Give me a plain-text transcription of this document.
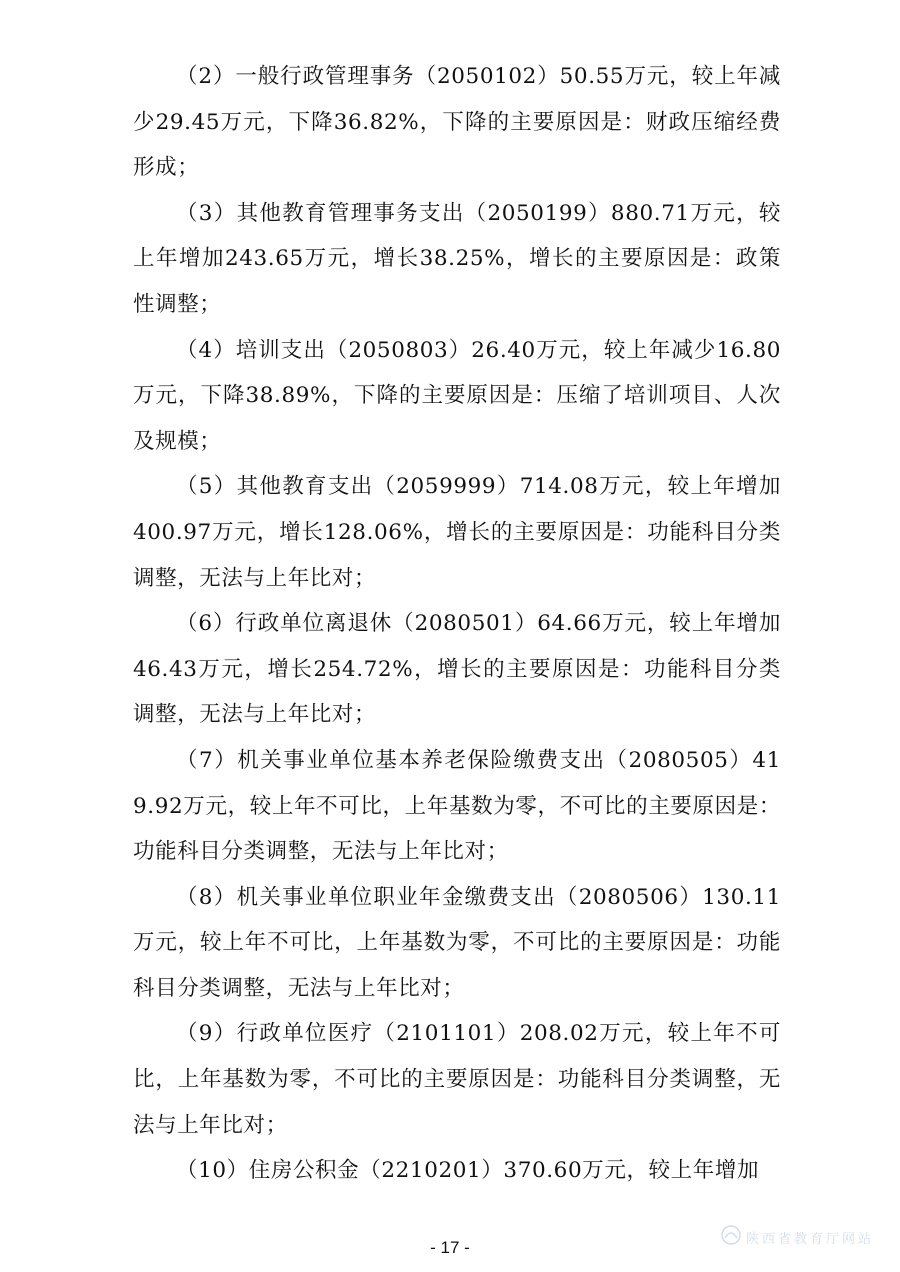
（2）一般行政管理事务（2050102）50.55万元，较上年减少29.45万元，下降36.82%，下降的主要原因是：财政压缩经费形成；

（3）其他教育管理事务支出（2050199）880.71万元，较上年增加243.65万元，增长38.25%，增长的主要原因是：政策性调整；

（4）培训支出（2050803）26.40万元，较上年减少16.80万元，下降38.89%，下降的主要原因是：压缩了培训项目、人次及规模；

（5）其他教育支出（2059999）714.08万元，较上年增加400.97万元，增长128.06%，增长的主要原因是：功能科目分类调整，无法与上年比对；

（6）行政单位离退休（2080501）64.66万元，较上年增加46.43万元，增长254.72%，增长的主要原因是：功能科目分类调整，无法与上年比对；

（7）机关事业单位基本养老保险缴费支出（2080505）419.92万元，较上年不可比，上年基数为零，不可比的主要原因是：功能科目分类调整，无法与上年比对；

（8）机关事业单位职业年金缴费支出（2080506）130.11万元，较上年不可比，上年基数为零，不可比的主要原因是：功能科目分类调整，无法与上年比对；

（9）行政单位医疗（2101101）208.02万元，较上年不可比，上年基数为零，不可比的主要原因是：功能科目分类调整，无法与上年比对；

（10）住房公积金（2210201）370.60万元，较上年增加

- 17 -	陕西省教育厅网站
